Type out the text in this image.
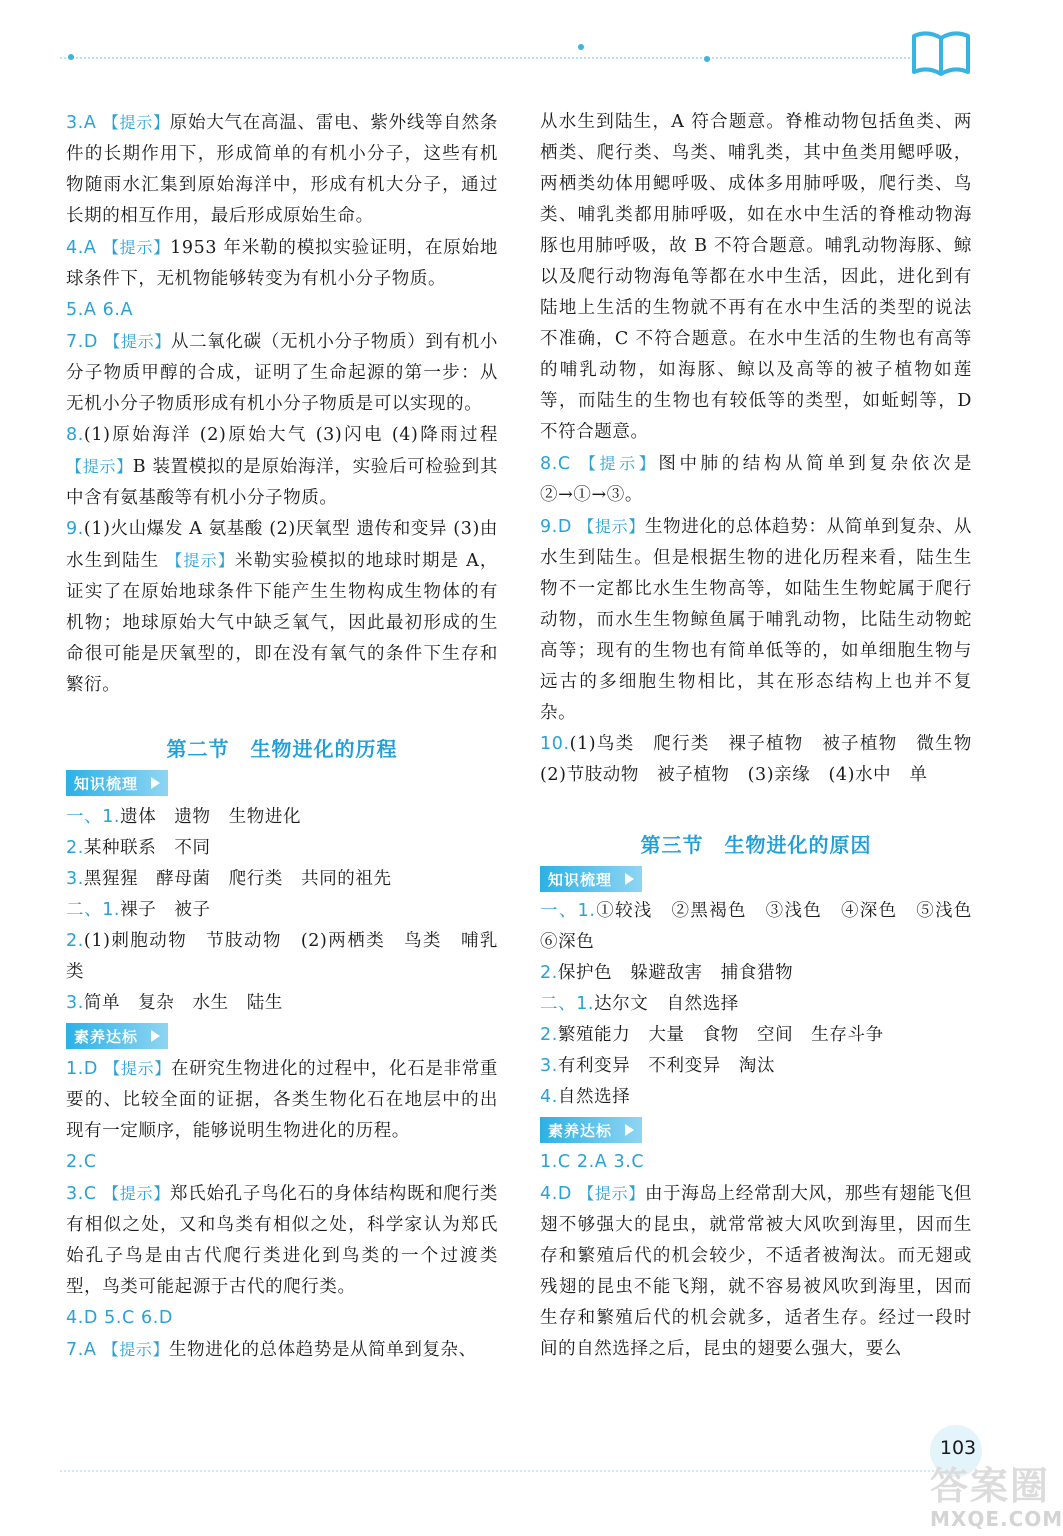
3.A 【提示】原始大气在高温、雷电、紫外线等自然条件的长期作用下，形成简单的有机小分子，这些有机物随雨水汇集到原始海洋中，形成有机大分子，通过长期的相互作用，最后形成原始生命。

4.A 【提示】1953 年米勒的模拟实验证明，在原始地球条件下，无机物能够转变为有机小分子物质。

5.A 6.A

7.D 【提示】从二氧化碳（无机小分子物质）到有机小分子物质甲醇的合成，证明了生命起源的第一步：从无机小分子物质形成有机小分子物质是可以实现的。

8.(1)原始海洋 (2)原始大气 (3)闪电 (4)降雨过程 【提示】B 装置模拟的是原始海洋，实验后可检验到其中含有氨基酸等有机小分子物质。

9.(1)火山爆发 A 氨基酸 (2)厌氧型 遗传和变异 (3)由水生到陆生 【提示】米勒实验模拟的地球时期是 A，证实了在原始地球条件下能产生生物构成生物体的有机物；地球原始大气中缺乏氧气，因此最初形成的生命很可能是厌氧型的，即在没有氧气的条件下生存和繁衍。

第二节　生物进化的历程
知识梳理

一、1.遗体　遗物　生物进化

2.某种联系　不同

3.黑猩猩　酵母菌　爬行类　共同的祖先

二、1.裸子　被子

2.(1)刺胞动物　节肢动物　(2)两栖类　鸟类　哺乳类

3.简单　复杂　水生　陆生

素养达标

1.D 【提示】在研究生物进化的过程中，化石是非常重要的、比较全面的证据，各类生物化石在地层中的出现有一定顺序，能够说明生物进化的历程。

2.C

3.C 【提示】郑氏始孔子鸟化石的身体结构既和爬行类有相似之处，又和鸟类有相似之处，科学家认为郑氏始孔子鸟是由古代爬行类进化到鸟类的一个过渡类型，鸟类可能起源于古代的爬行类。

4.D 5.C 6.D

7.A 【提示】生物进化的总体趋势是从简单到复杂、

从水生到陆生，A 符合题意。脊椎动物包括鱼类、两栖类、爬行类、鸟类、哺乳类，其中鱼类用鳃呼吸，两栖类幼体用鳃呼吸、成体多用肺呼吸，爬行类、鸟类、哺乳类都用肺呼吸，如在水中生活的脊椎动物海豚也用肺呼吸，故 B 不符合题意。哺乳动物海豚、鲸以及爬行动物海龟等都在水中生活，因此，进化到有陆地上生活的生物就不再有在水中生活的类型的说法不准确，C 不符合题意。在水中生活的生物也有高等的哺乳动物，如海豚、鲸以及高等的被子植物如莲等，而陆生的生物也有较低等的类型，如蚯蚓等，D 不符合题意。

8.C 【提示】图中肺的结构从简单到复杂依次是②→①→③。

9.D 【提示】生物进化的总体趋势：从简单到复杂、从水生到陆生。但是根据生物的进化历程来看，陆生生物不一定都比水生生物高等，如陆生生物蛇属于爬行动物，而水生生物鲸鱼属于哺乳动物，比陆生动物蛇高等；现有的生物也有简单低等的，如单细胞生物与远古的多细胞生物相比，其在形态结构上也并不复杂。

10.(1)鸟类　爬行类　裸子植物　被子植物　微生物　(2)节肢动物　被子植物　(3)亲缘　(4)水中　单

第三节　生物进化的原因
知识梳理

一、1.①较浅　②黑褐色　③浅色　④深色　⑤浅色　⑥深色

2.保护色　躲避敌害　捕食猎物

二、1.达尔文　自然选择

2.繁殖能力　大量　食物　空间　生存斗争

3.有利变异　不利变异　淘汰

4.自然选择

素养达标

1.C 2.A 3.C

4.D 【提示】由于海岛上经常刮大风，那些有翅能飞但翅不够强大的昆虫，就常常被大风吹到海里，因而生存和繁殖后代的机会较少，不适者被淘汰。而无翅或残翅的昆虫不能飞翔，就不容易被风吹到海里，因而生存和繁殖后代的机会就多，适者生存。经过一段时间的自然选择之后，昆虫的翅要么强大，要么

103
答案圈
MXQE.COM
